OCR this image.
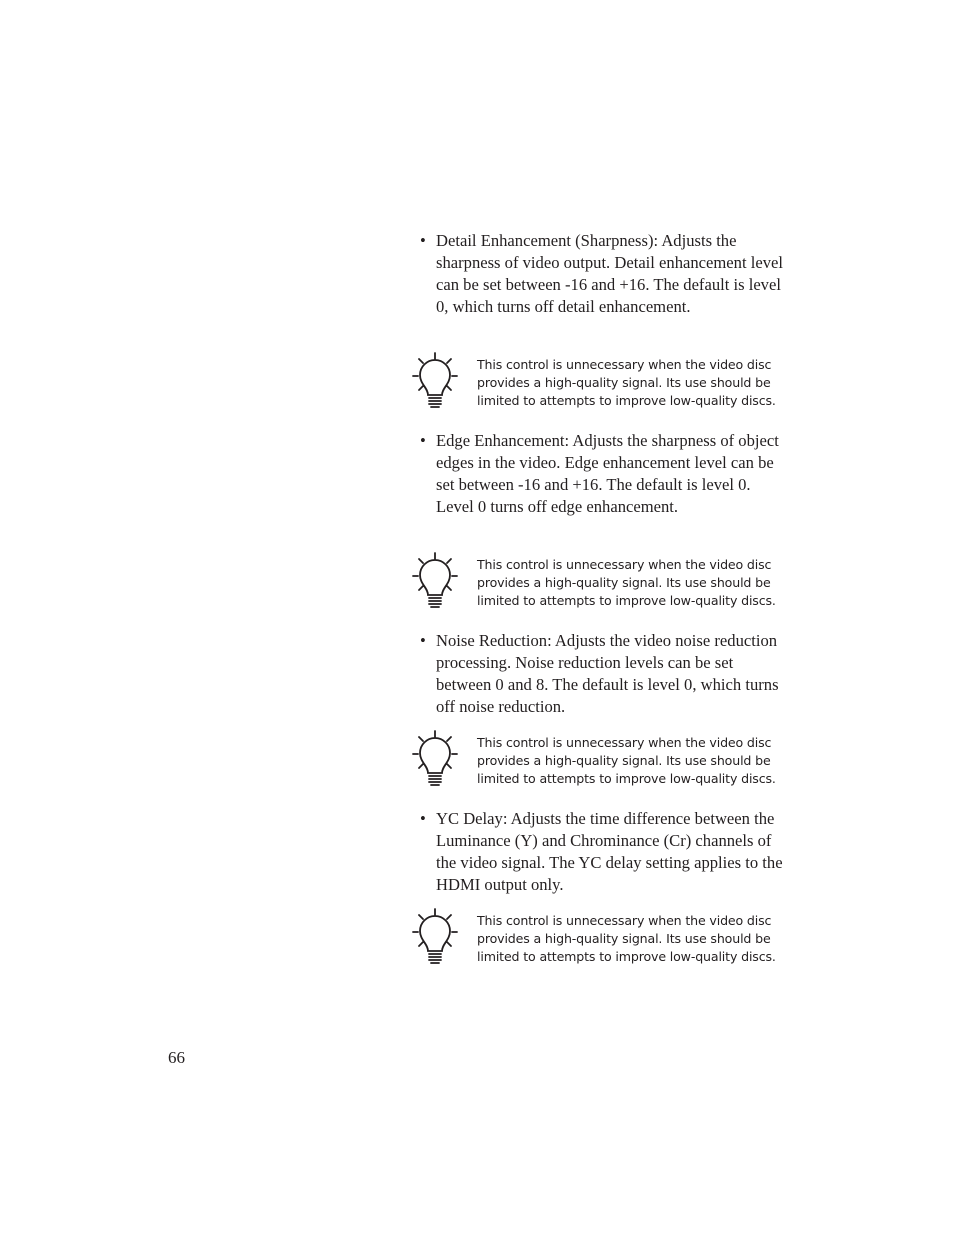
• Detail Enhancement (Sharpness): Adjusts the sharpness of video output. Detail enhancement level can be set between -16 and +16. The default is level 0, which turns off detail enhancement.
This control is unnecessary when the video disc provides a high-quality signal. Its use should be limited to attempts to improve low-quality discs.
• Edge Enhancement: Adjusts the sharpness of object edges in the video. Edge enhancement level can be set between -16 and +16. The default is level 0. Level 0 turns off edge enhancement.
This control is unnecessary when the video disc provides a high-quality signal. Its use should be limited to attempts to improve low-quality discs.
• Noise Reduction: Adjusts the video noise reduction processing. Noise reduction levels can be set between 0 and 8. The default is level 0, which turns off noise reduction.
This control is unnecessary when the video disc provides a high-quality signal. Its use should be limited to attempts to improve low-quality discs.
• YC Delay: Adjusts the time difference between the Luminance (Y) and Chrominance (Cr) channels of the video signal. The YC delay setting applies to the HDMI output only.
This control is unnecessary when the video disc provides a high-quality signal. Its use should be limited to attempts to improve low-quality discs.
66
